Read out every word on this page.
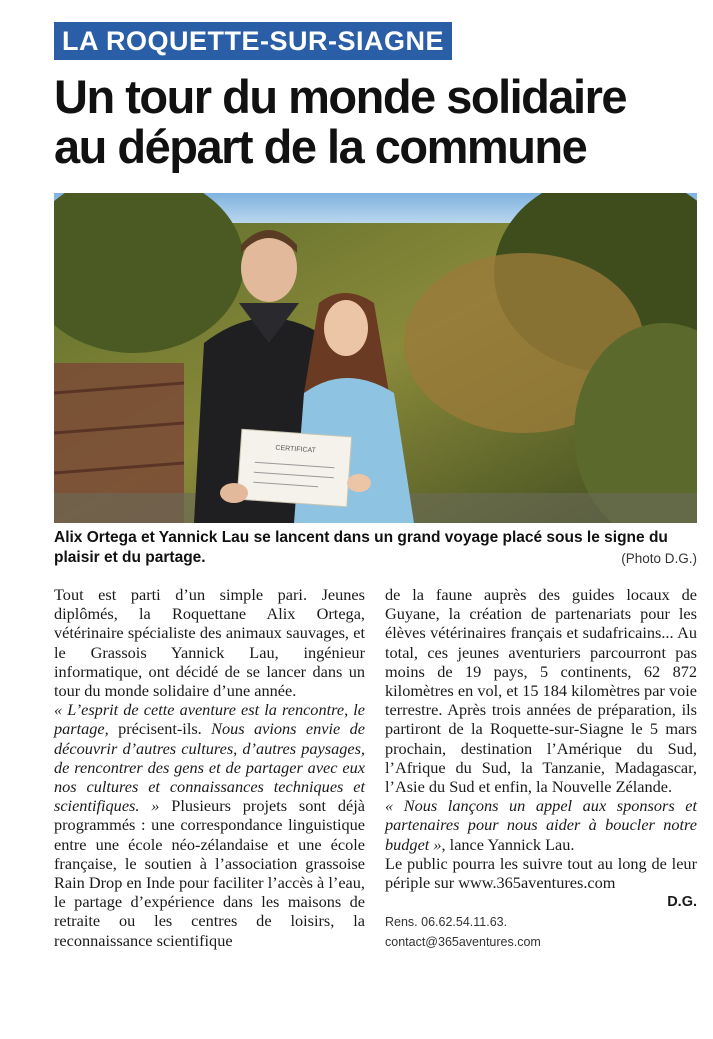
LA ROQUETTE-SUR-SIAGNE
Un tour du monde solidaire
au départ de la commune
CERTIFICAT
Alix Ortega et Yannick Lau se lancent dans un grand voyage placé sous le signe du plaisir et du partage.	(Photo D.G.)

Tout est parti d’un simple pari. Jeunes diplômés, la Roquettane Alix Ortega, vétérinaire spécialiste des animaux sauvages, et le Grassois Yannick Lau, ingénieur informatique, ont décidé de se lancer dans un tour du monde solidaire d’une année.

« L’esprit de cette aventure est la rencontre, le partage, précisent-ils. Nous avions envie de découvrir d’autres cultures, d’autres paysages, de rencontrer des gens et de partager avec eux nos cultures et connaissances techniques et scientifiques. » Plusieurs projets sont déjà programmés : une correspondance linguistique entre une école néo-zélandaise et une école française, le soutien à l’association grassoise Rain Drop en Inde pour faciliter l’accès à l’eau, le partage d’expérience dans les maisons de retraite ou les centres de loisirs, la reconnaissance scientifique

de la faune auprès des guides locaux de Guyane, la création de partenariats pour les élèves vétérinaires français et sudafricains... Au total, ces jeunes aventuriers parcourront pas moins de 19 pays, 5 continents, 62 872 kilomètres en vol, et 15 184 kilomètres par voie terrestre. Après trois années de préparation, ils partiront de la Roquette-sur-Siagne le 5 mars prochain, destination l’Amérique du Sud, l’Afrique du Sud, la Tanzanie, Madagascar, l’Asie du Sud et enfin, la Nouvelle Zélande.

« Nous lançons un appel aux sponsors et partenaires pour nous aider à boucler notre budget », lance Yannick Lau.

Le public pourra les suivre tout au long de leur périple sur www.365aventures.com

D.G.
Rens. 06.62.54.11.63.
contact@365aventures.com
